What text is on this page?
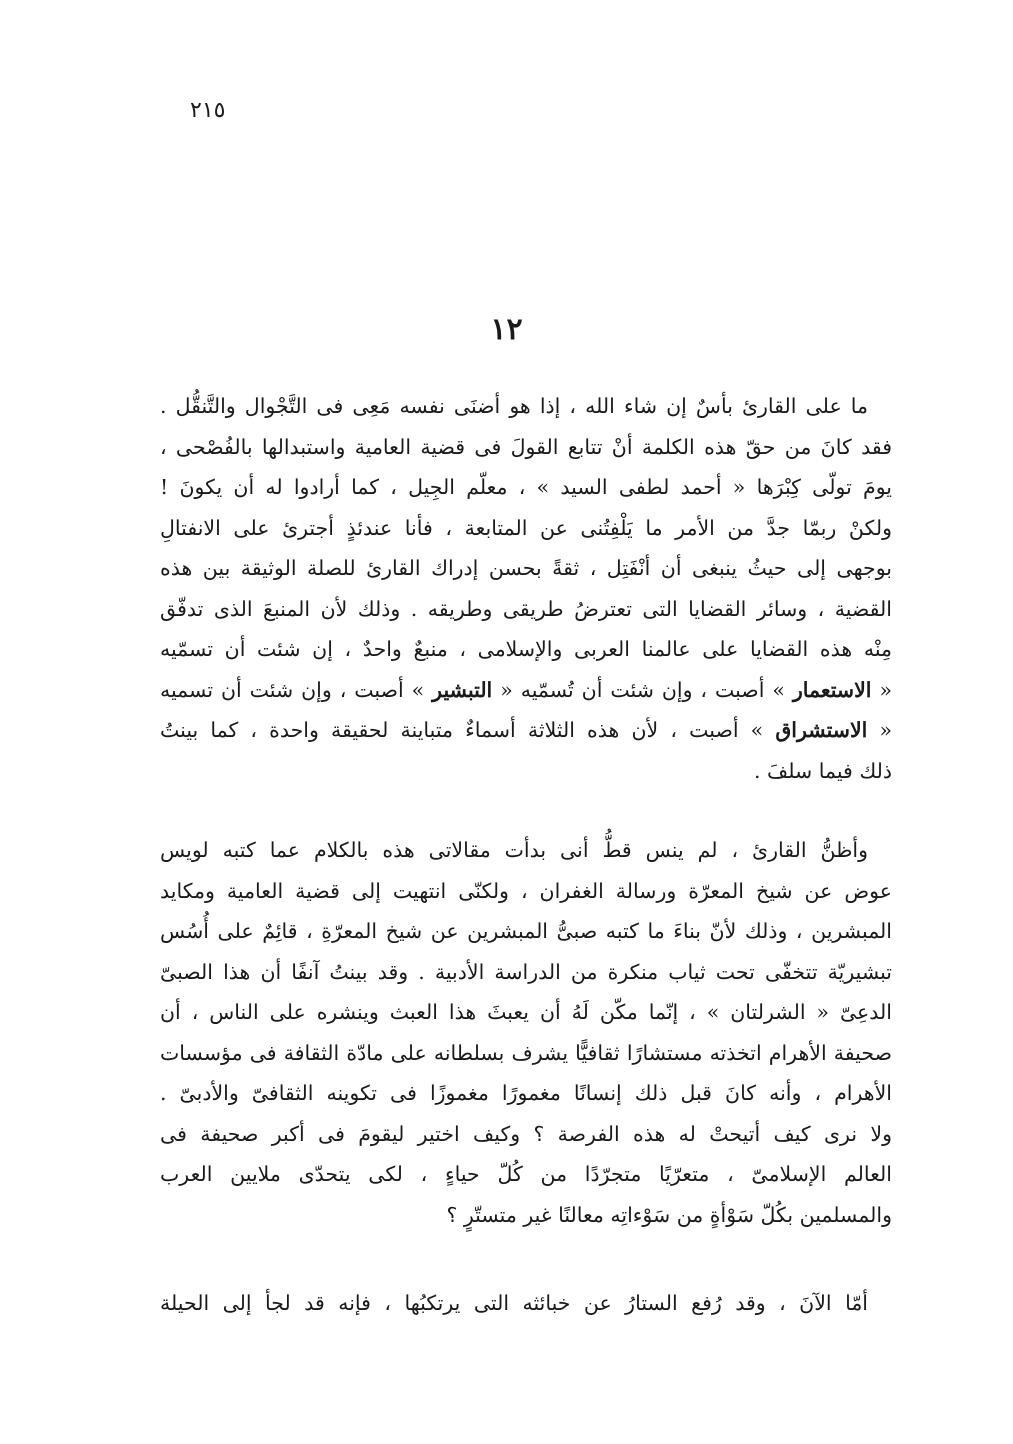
٢١٥
١٢
ما على القارئ بأسٌ إن شاء الله ، إذا هو أضنَى نفسه مَعِى فى التَّجْوال والتَّنقُّل .
فقد كانَ من حقّ هذه الكلمة أنْ تتابع القولَ فى قضية العامية واستبدالها بالفُصْحى ،
يومَ تولّى كِبْرَها « أحمد لطفى السيد » ، معلّم الجِيل ، كما أرادوا له أن يكونَ !
ولكنْ ربمّا جدَّ من الأمر ما يَلْفِتُنى عن المتابعة ، فأنا عندئذٍ أجترئ على الانفتالِ
بوجهى إلى حيثُ ينبغى أن أنْفَتِل ، ثقةً بحسن إدراك القارئ للصلة الوثيقة بين هذه
القضية ، وسائر القضايا التى تعترضُ طريقى وطريقه . وذلك لأن المنبعَ الذى تدفّق
مِنْه هذه القضايا على عالمنا العربى والإسلامى ، منبعٌ واحدٌ ، إن شئت أن تسمّيه
« الاستعمار » أصبت ، وإن شئت أن تُسمّيه « التبشير » أصبت ، وإن شئت أن تسميه
« الاستشراق » أصبت ، لأن هذه الثلاثة أسماءٌ متباينة لحقيقة واحدة ، كما بينتُ
ذلك فيما سلفَ .
وأظنُّ القارئ ، لم ينس قطُّ أنى بدأت مقالاتى هذه بالكلام عما كتبه لويس
عوض عن شيخ المعرّة ورسالة الغفران ، ولكنّى انتهيت إلى قضية العامية ومكايد
المبشرين ، وذلك لأنّ بناءَ ما كتبه صبىُّ المبشرين عن شيخ المعرّةِ ، قائِمٌ على أُسُس
تبشيريّة تتخفّى تحت ثياب منكرة من الدراسة الأدبية . وقد بينتُ آنفًا أن هذا الصبىّ
الدعِىّ « الشرلتان » ، إنّما مكّن لَهُ أن يعبثَ هذا العبث وينشره على الناس ، أن
صحيفة الأهرام اتخذته مستشارًا ثقافيًّا يشرف بسلطانه على مادّة الثقافة فى مؤسسات
الأهرام ، وأنه كانَ قبل ذلك إنسانًا مغمورًا مغموزًا فى تكوينه الثقافىّ والأدبىّ .
ولا نرى كيف أتيحتْ له هذه الفرصة ؟ وكيف اختير ليقومَ فى أكبر صحيفة فى
العالم الإسلامىّ ، متعرّيًا متجرّدًا من كُلّ حياءٍ ، لكى يتحدّى ملايين العرب
والمسلمين بكُلّ سَوْأةٍ من سَوْءاتِه معالنًا غير متستّرٍ ؟
أمّا الآنَ ، وقد رُفع الستارُ عن خبائثه التى يرتكبُها ، فإنه قد لجأ إلى الحيلة
